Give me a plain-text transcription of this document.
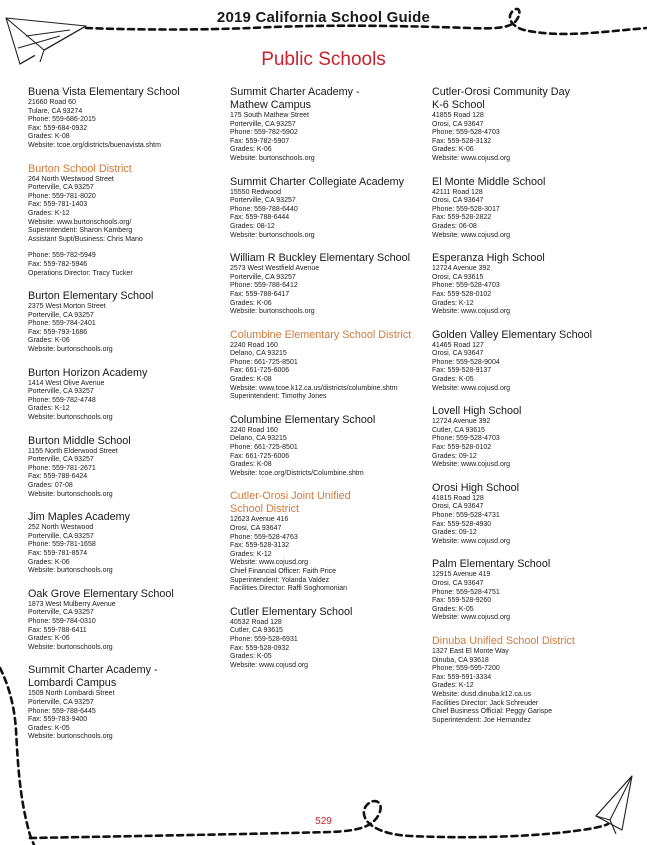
2019 California School Guide
Public Schools
Buena Vista Elementary School
21660 Road 60
Tulare, CA 93274
Phone: 559-686-2015
Fax: 559-684-0932
Grades: K-08
Website: tcoe.org/districts/buenavista.shtm
Burton School District
264 North Westwood Street
Porterville, CA 93257
Phone: 559-781-8020
Fax: 559-781-1403
Grades: K-12
Website: www.burtonschools.org/
Superintendent: Sharon Kamberg
Assistant Supt/Business: Chris Mano
Phone: 559-782-5949
Fax: 559-782-5946
Operations Director: Tracy Tucker
Burton Elementary School
2375 West Morton Street
Porterville, CA 93257
Phone: 559-784-2401
Fax: 559-793-1686
Grades: K-06
Website: burtonschools.org
Burton Horizon Academy
1414 West Olive Avenue
Porterville, CA 93257
Phone: 559-782-4748
Grades: K-12
Website: burtonschools.org
Burton Middle School
1155 North Elderwood Street
Porterville, CA 93257
Phone: 559-781-2671
Fax: 559-788-6424
Grades: 07-08
Website: burtonschools.org
Jim Maples Academy
252 North Westwood
Porterville, CA 93257
Phone: 559-781-1658
Fax: 559-781-8574
Grades: K-06
Website: burtonschools.org
Oak Grove Elementary School
1873 West Mulberry Avenue
Porterville, CA 93257
Phone: 559-784-0310
Fax: 559-788-6411
Grades: K-06
Website: burtonschools.org
Summit Charter Academy -
Lombardi Campus
1509 North Lombardi Street
Porterville, CA 93257
Phone: 559-788-6445
Fax: 559-783-9400
Grades: K-05
Website: burtonschools.org
Summit Charter Academy -
Mathew Campus
175 South Mathew Street
Porterville, CA 93257
Phone: 559-782-5902
Fax: 559-782-5907
Grades: K-06
Website: burtonschools.org
Summit Charter Collegiate Academy
15550 Redwood
Porterville, CA 93257
Phone: 559-788-6440
Fax: 559-788-6444
Grades: 08-12
Website: burtonschools.org
William R Buckley Elementary School
2573 West Westfield Avenue
Porterville, CA 93257
Phone: 559-788-6412
Fax: 559-788-6417
Grades: K-06
Website: burtonschools.org
Columbine Elementary School District
2240 Road 160
Delano, CA 93215
Phone: 661-725-8501
Fax: 661-725-6006
Grades: K-08
Website: www.tcoe.k12.ca.us/districts/columbine.shtm
Superintendent: Timothy Jones
Columbine Elementary School
2240 Road 160
Delano, CA 93215
Phone: 661-725-8501
Fax: 661-725-6006
Grades: K-08
Website: tcoe.org/Districts/Columbine.shtm
Cutler-Orosi Joint Unified
School District
12623 Avenue 416
Orosi, CA 93647
Phone: 559-528-4763
Fax: 559-528-3132
Grades: K-12
Website: www.cojusd.org
Chief Financial Officer: Faith Price
Superintendent: Yolanda Valdez
Facilities Director: Raffi Soghomonian
Cutler Elementary School
40532 Road 128
Cutler, CA 93615
Phone: 559-528-6931
Fax: 559-528-0932
Grades: K-05
Website: www.cojusd.org
Cutler-Orosi Community Day
K-6 School
41855 Road 128
Orosi, CA 93647
Phone: 559-528-4703
Fax: 559-528-3132
Grades: K-06
Website: www.cojusd.org
El Monte Middle School
42111 Road 128
Orosi, CA 93647
Phone: 559-528-3017
Fax: 559-528-2822
Grades: 06-08
Website: www.cojusd.org
Esperanza High School
12724 Avenue 392
Orosi, CA 93615
Phone: 559-528-4703
Fax: 559-528-0102
Grades: K-12
Website: www.cojusd.org
Golden Valley Elementary School
41465 Road 127
Orosi, CA 93647
Phone: 559-528-9004
Fax: 559-528-9137
Grades: K-05
Website: www.cojusd.org
Lovell High School
12724 Avenue 392
Cutler, CA 93615
Phone: 559-528-4703
Fax: 559-528-0102
Grades: 09-12
Website: www.cojusd.org
Orosi High School
41815 Road 128
Orosi, CA 93647
Phone: 559-528-4731
Fax: 559-528-4930
Grades: 09-12
Website: www.cojusd.org
Palm Elementary School
12915 Avenue 419
Orosi, CA 93647
Phone: 559-528-4751
Fax: 559-528-9260
Grades: K-05
Website: www.cojusd.org
Dinuba Unified School District
1327 East El Monte Way
Dinuba, CA 93618
Phone: 559-595-7200
Fax: 559-591-3334
Grades: K-12
Website: dusd.dinuba.k12.ca.us
Facilities Director: Jack Schreuder
Chief Business Official: Peggy Garispe
Superintendent: Joe Hernandez
529
